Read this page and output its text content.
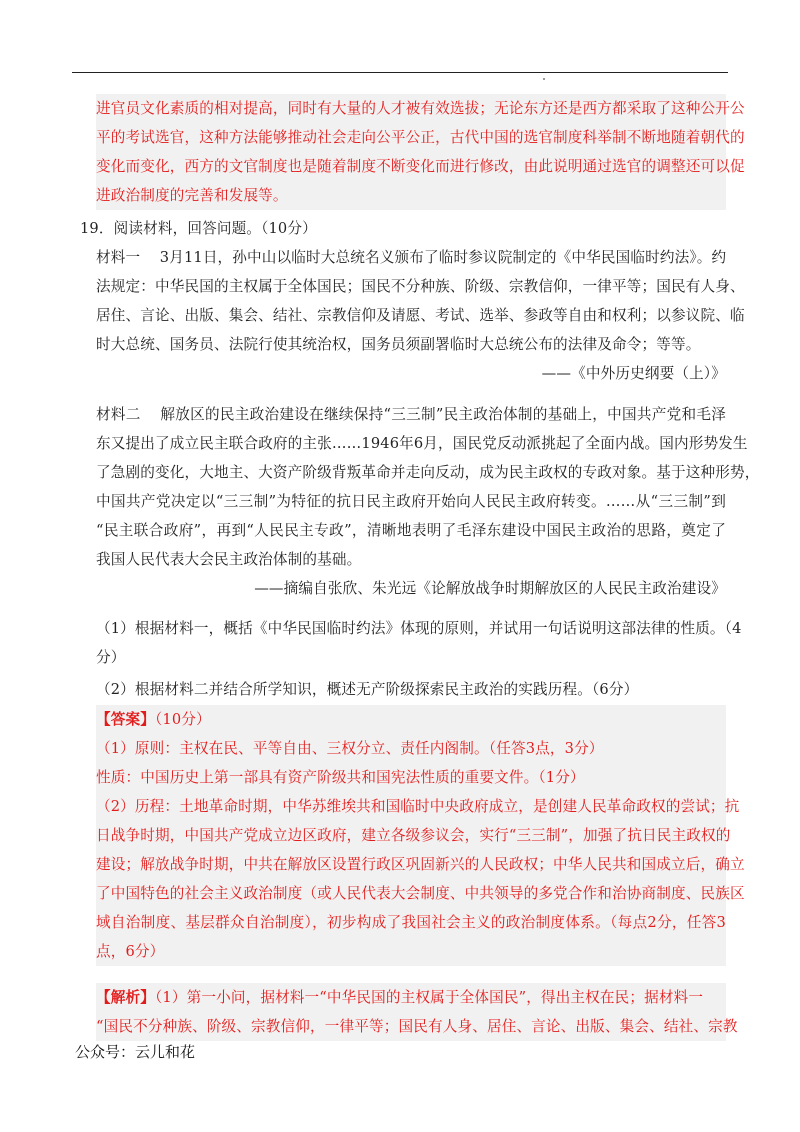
进官员文化素质的相对提高，同时有大量的人才被有效选拔；无论东方还是西方都采取了这种公开公
平的考试选官，这种方法能够推动社会走向公平公正，古代中国的选官制度科举制不断地随着朝代的
变化而变化，西方的文官制度也是随着制度不断变化而进行修改，由此说明通过选官的调整还可以促
进政治制度的完善和发展等。
19．阅读材料，回答问题。（10分）
材料一　 3月11日，孙中山以临时大总统名义颁布了临时参议院制定的《中华民国临时约法》。约
法规定：中华民国的主权属于全体国民；国民不分种族、阶级、宗教信仰，一律平等；国民有人身、
居住、言论、出版、集会、结社、宗教信仰及请愿、考试、选举、参政等自由和权利；以参议院、临
时大总统、国务员、法院行使其统治权，国务员须副署临时大总统公布的法律及命令；等等。
——《中外历史纲要（上）》
材料二　 解放区的民主政治建设在继续保持“三三制”民主政治体制的基础上，中国共产党和毛泽
东又提出了成立民主联合政府的主张……1946年6月，国民党反动派挑起了全面内战。国内形势发生
了急剧的变化，大地主、大资产阶级背叛革命并走向反动，成为民主政权的专政对象。基于这种形势，
中国共产党决定以“三三制”为特征的抗日民主政府开始向人民民主政府转变。……从“三三制”到
“民主联合政府”，再到“人民民主专政”，清晰地表明了毛泽东建设中国民主政治的思路，奠定了
我国人民代表大会民主政治体制的基础。
——摘编自张欣、朱光远《论解放战争时期解放区的人民民主政治建设》
（1）根据材料一，概括《中华民国临时约法》体现的原则，并试用一句话说明这部法律的性质。（4
分）
（2）根据材料二并结合所学知识，概述无产阶级探索民主政治的实践历程。（6分）
【答案】（10分）
（1）原则：主权在民、平等自由、三权分立、责任内阁制。（任答3点，3分）
性质：中国历史上第一部具有资产阶级共和国宪法性质的重要文件。（1分）
（2）历程：土地革命时期，中华苏维埃共和国临时中央政府成立，是创建人民革命政权的尝试；抗
日战争时期，中国共产党成立边区政府，建立各级参议会，实行“三三制”，加强了抗日民主政权的
建设；解放战争时期，中共在解放区设置行政区巩固新兴的人民政权；中华人民共和国成立后，确立
了中国特色的社会主义政治制度（或人民代表大会制度、中共领导的多党合作和治协商制度、民族区
域自治制度、基层群众自治制度），初步构成了我国社会主义的政治制度体系。（每点2分，任答3
点，6分）
【解析】（1）第一小问，据材料一“中华民国的主权属于全体国民”，得出主权在民；据材料一
“国民不分种族、阶级、宗教信仰，一律平等；国民有人身、居住、言论、出版、集会、结社、宗教
公众号：云儿和花
